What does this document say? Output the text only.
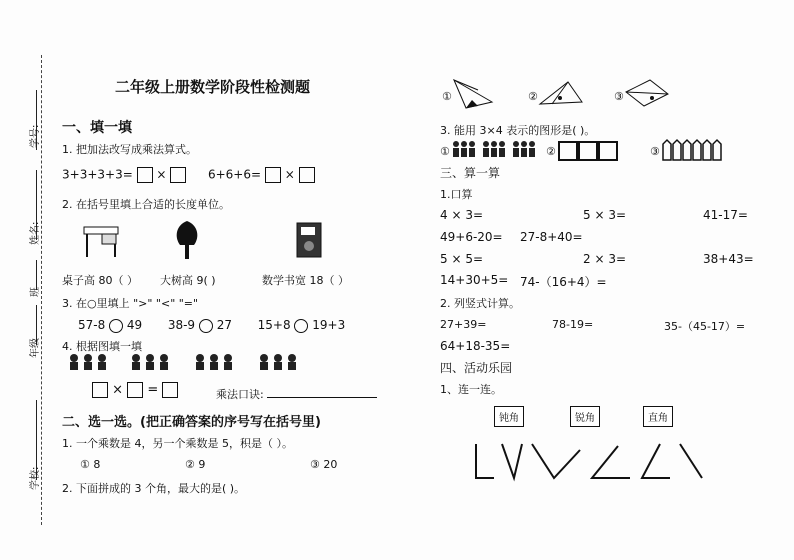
学号:
姓名:
班
年级
学校:
二年级上册数学阶段性检测题
一、填一填
1. 把加法改写成乘法算式。
3+3+3+3= ×	6+6+6= ×
2. 在括号里填上合适的长度单位。
桌子高 80（ ） 大树高 9( )	数学书宽 18（ ）
3. 在○里填上 ">" "<" "="
57-8 49 38-9 27 15+8 19+3
4. 根据图填一填
× =	乘法口诀:
二、选一选。(把正确答案的序号写在括号里)
1. 一个乘数是 4，另一个乘数是 5，积是（ ）。
① 8	② 9	③ 20
2. 下面拼成的 3 个角，最大的是( )。
①	②	③
3. 能用 3×4 表示的图形是( )。
①	②	③
三、算一算
1.口算
4 × 3=	5 × 3=	41-17=
49+6-20= 27-8+40=
5 × 5=	2 × 3=	38+43=
14+30+5= 74-（16+4）=
2. 列竖式计算。
27+39=	78-19=	35-（45-17）=
64+18-35=
四、活动乐园
1、连一连。
钝角	锐角	直角
